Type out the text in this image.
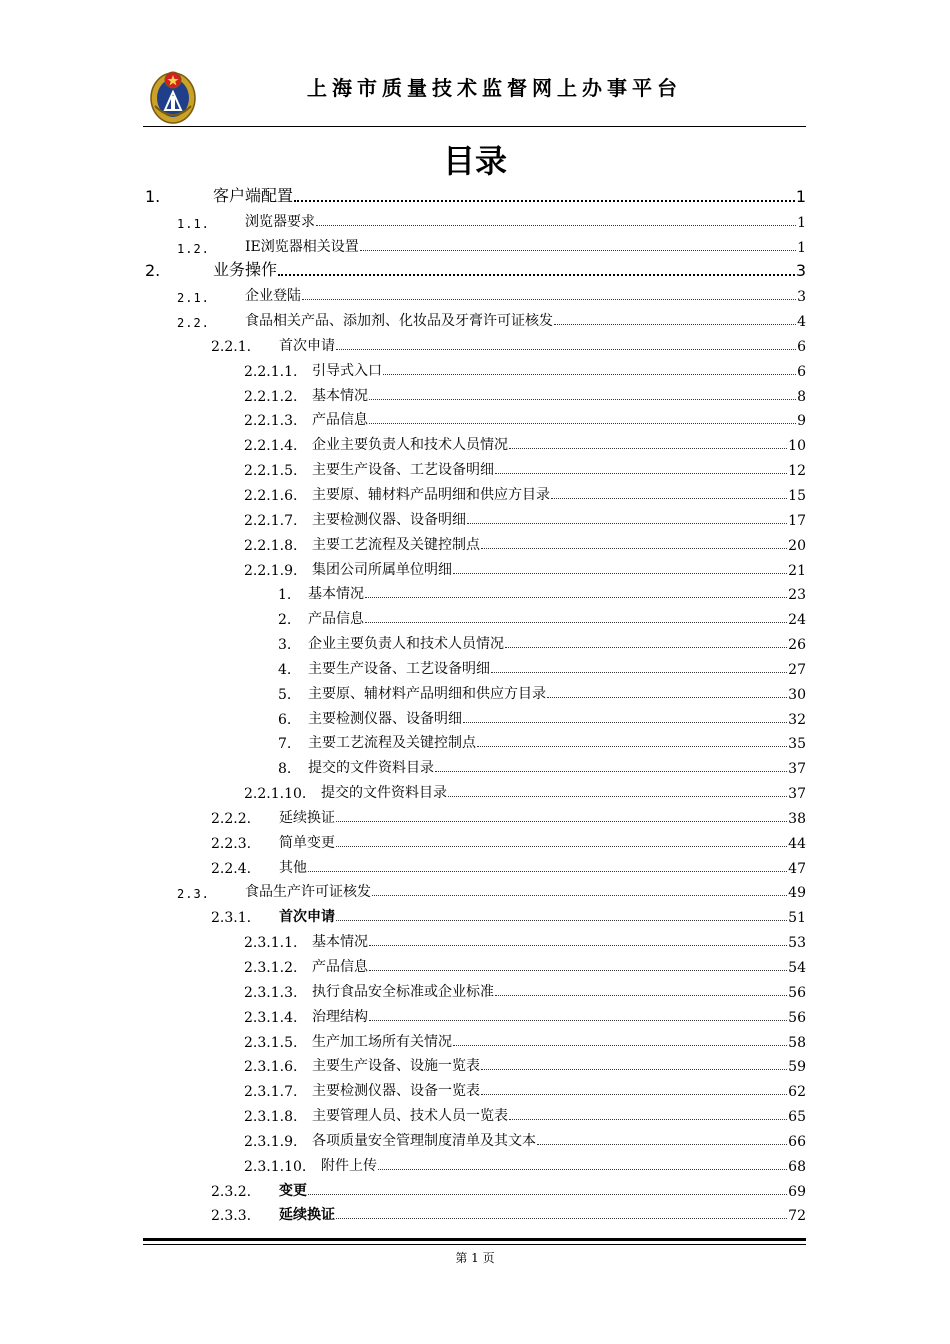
上海市质量技术监督网上办事平台
目录
1.	客户端配置	1
1.1.	浏览器要求	1
1.2.	IE浏览器相关设置	1
2.	业务操作	3
2.1.	企业登陆	3
2.2.	食品相关产品、添加剂、化妆品及牙膏许可证核发	4
2.2.1.	首次申请	6
2.2.1.1.	引导式入口	6
2.2.1.2.	基本情况	8
2.2.1.3.	产品信息	9
2.2.1.4.	企业主要负责人和技术人员情况	10
2.2.1.5.	主要生产设备、工艺设备明细	12
2.2.1.6.	主要原、辅材料产品明细和供应方目录	15
2.2.1.7.	主要检测仪器、设备明细	17
2.2.1.8.	主要工艺流程及关键控制点	20
2.2.1.9.	集团公司所属单位明细	21
1.	基本情况	23
2.	产品信息	24
3.	企业主要负责人和技术人员情况	26
4.	主要生产设备、工艺设备明细	27
5.	主要原、辅材料产品明细和供应方目录	30
6.	主要检测仪器、设备明细	32
7.	主要工艺流程及关键控制点	35
8.	提交的文件资料目录	37
2.2.1.10.	提交的文件资料目录	37
2.2.2.	延续换证	38
2.2.3.	简单变更	44
2.2.4.	其他	47
2.3.	食品生产许可证核发	49
2.3.1.	首次申请	51
2.3.1.1.	基本情况	53
2.3.1.2.	产品信息	54
2.3.1.3.	执行食品安全标准或企业标准	56
2.3.1.4.	治理结构	56
2.3.1.5.	生产加工场所有关情况	58
2.3.1.6.	主要生产设备、设施一览表	59
2.3.1.7.	主要检测仪器、设备一览表	62
2.3.1.8.	主要管理人员、技术人员一览表	65
2.3.1.9.	各项质量安全管理制度清单及其文本	66
2.3.1.10.	附件上传	68
2.3.2.	变更	69
2.3.3.	延续换证	72
第 1 页
